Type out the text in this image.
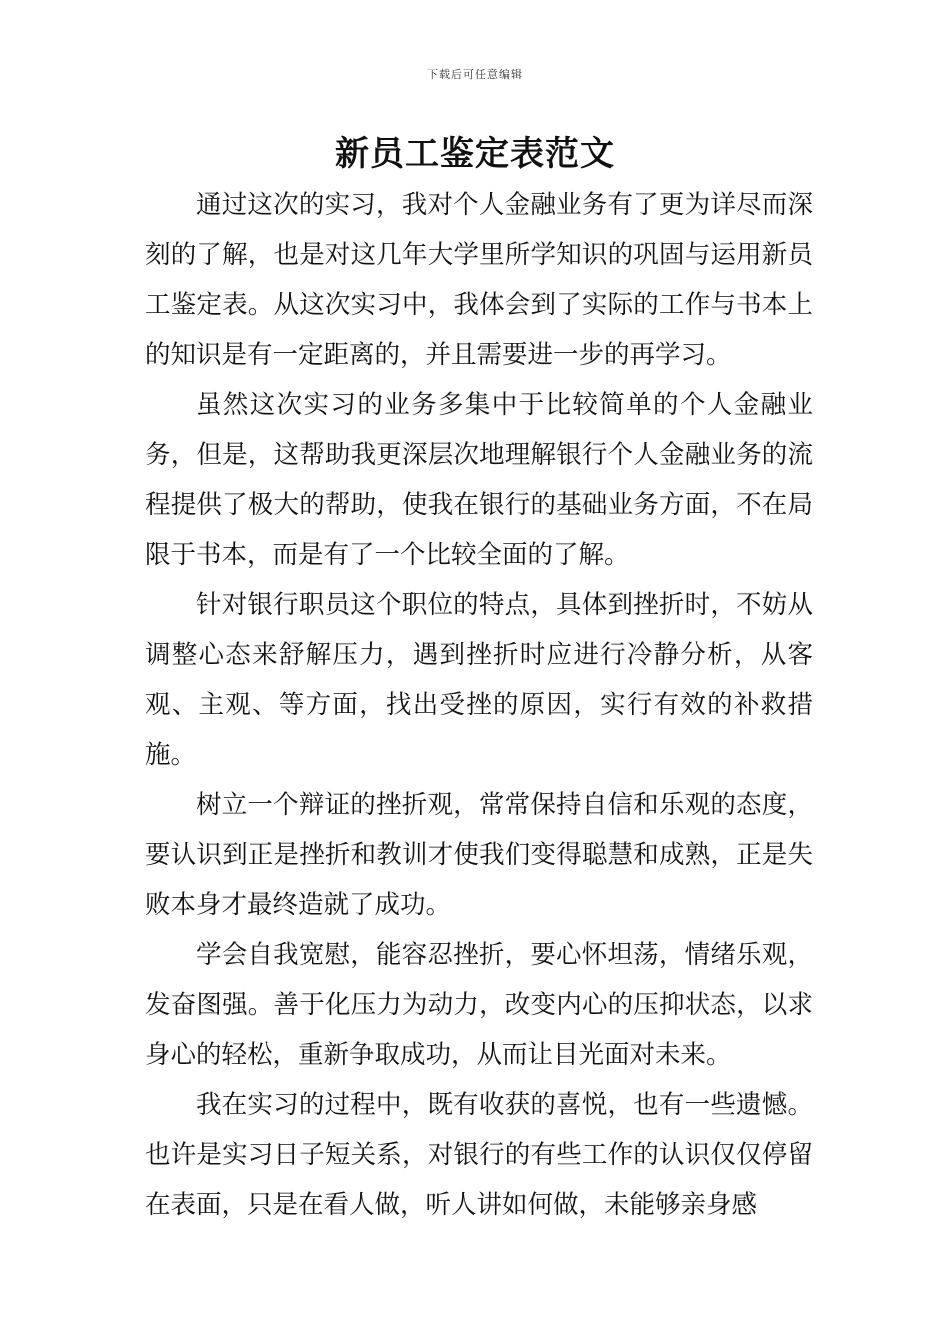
下载后可任意编辑
新员工鉴定表范文

通过这次的实习，我对个人金融业务有了更为详尽而深刻的了解，也是对这几年大学里所学知识的巩固与运用新员工鉴定表。从这次实习中，我体会到了实际的工作与书本上的知识是有一定距离的，并且需要进一步的再学习。

虽然这次实习的业务多集中于比较简单的个人金融业务，但是，这帮助我更深层次地理解银行个人金融业务的流程提供了极大的帮助，使我在银行的基础业务方面，不在局限于书本，而是有了一个比较全面的了解。

针对银行职员这个职位的特点，具体到挫折时，不妨从调整心态来舒解压力，遇到挫折时应进行冷静分析，从客观、主观、等方面，找出受挫的原因，实行有效的补救措施。

树立一个辩证的挫折观，常常保持自信和乐观的态度，要认识到正是挫折和教训才使我们变得聪慧和成熟，正是失败本身才最终造就了成功。

学会自我宽慰，能容忍挫折，要心怀坦荡，情绪乐观，发奋图强。善于化压力为动力，改变内心的压抑状态，以求身心的轻松，重新争取成功，从而让目光面对未来。

我在实习的过程中，既有收获的喜悦，也有一些遗憾。也许是实习日子短关系，对银行的有些工作的认识仅仅停留在表面，只是在看人做，听人讲如何做，未能够亲身感
